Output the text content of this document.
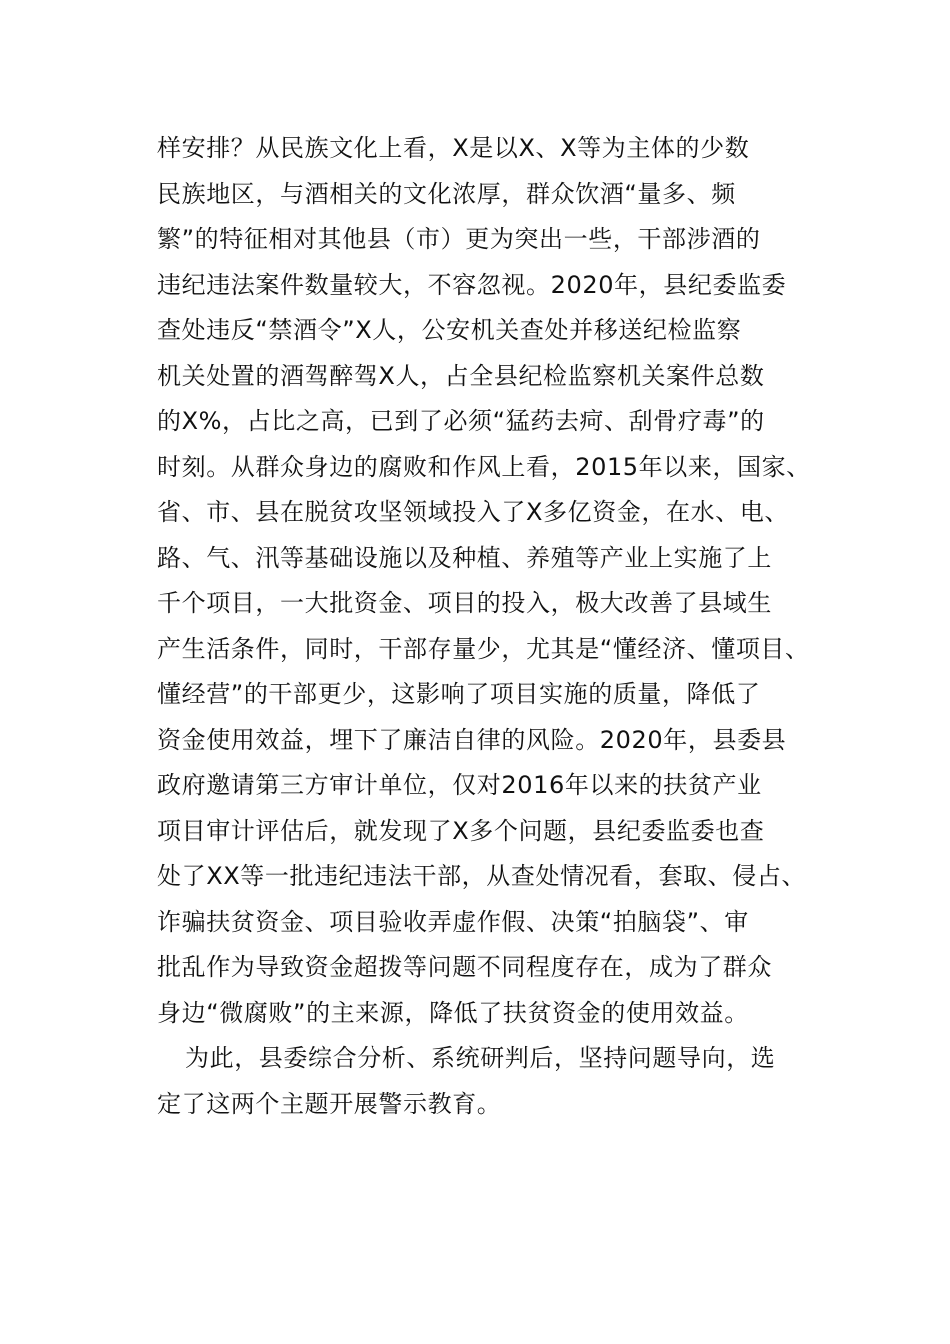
样安排？从民族文化上看，X是以X、X等为主体的少数
民族地区，与酒相关的文化浓厚，群众饮酒“量多、频
繁”的特征相对其他县（市）更为突出一些，干部涉酒的
违纪违法案件数量较大，不容忽视。2020年，县纪委监委
查处违反“禁酒令”X人，公安机关查处并移送纪检监察
机关处置的酒驾醉驾X人，占全县纪检监察机关案件总数
的X%，占比之高，已到了必须“猛药去疴、刮骨疗毒”的
时刻。从群众身边的腐败和作风上看，2015年以来，国家、
省、市、县在脱贫攻坚领域投入了X多亿资金，在水、电、
路、气、汛等基础设施以及种植、养殖等产业上实施了上
千个项目，一大批资金、项目的投入，极大改善了县域生
产生活条件，同时，干部存量少，尤其是“懂经济、懂项目、
懂经营”的干部更少，这影响了项目实施的质量，降低了
资金使用效益，埋下了廉洁自律的风险。2020年，县委县
政府邀请第三方审计单位，仅对2016年以来的扶贫产业
项目审计评估后，就发现了X多个问题，县纪委监委也查
处了XX等一批违纪违法干部，从查处情况看，套取、侵占、
诈骗扶贫资金、项目验收弄虚作假、决策“拍脑袋”、审
批乱作为导致资金超拨等问题不同程度存在，成为了群众
身边“微腐败”的主来源，降低了扶贫资金的使用效益。
为此，县委综合分析、系统研判后，坚持问题导向，选
定了这两个主题开展警示教育。
